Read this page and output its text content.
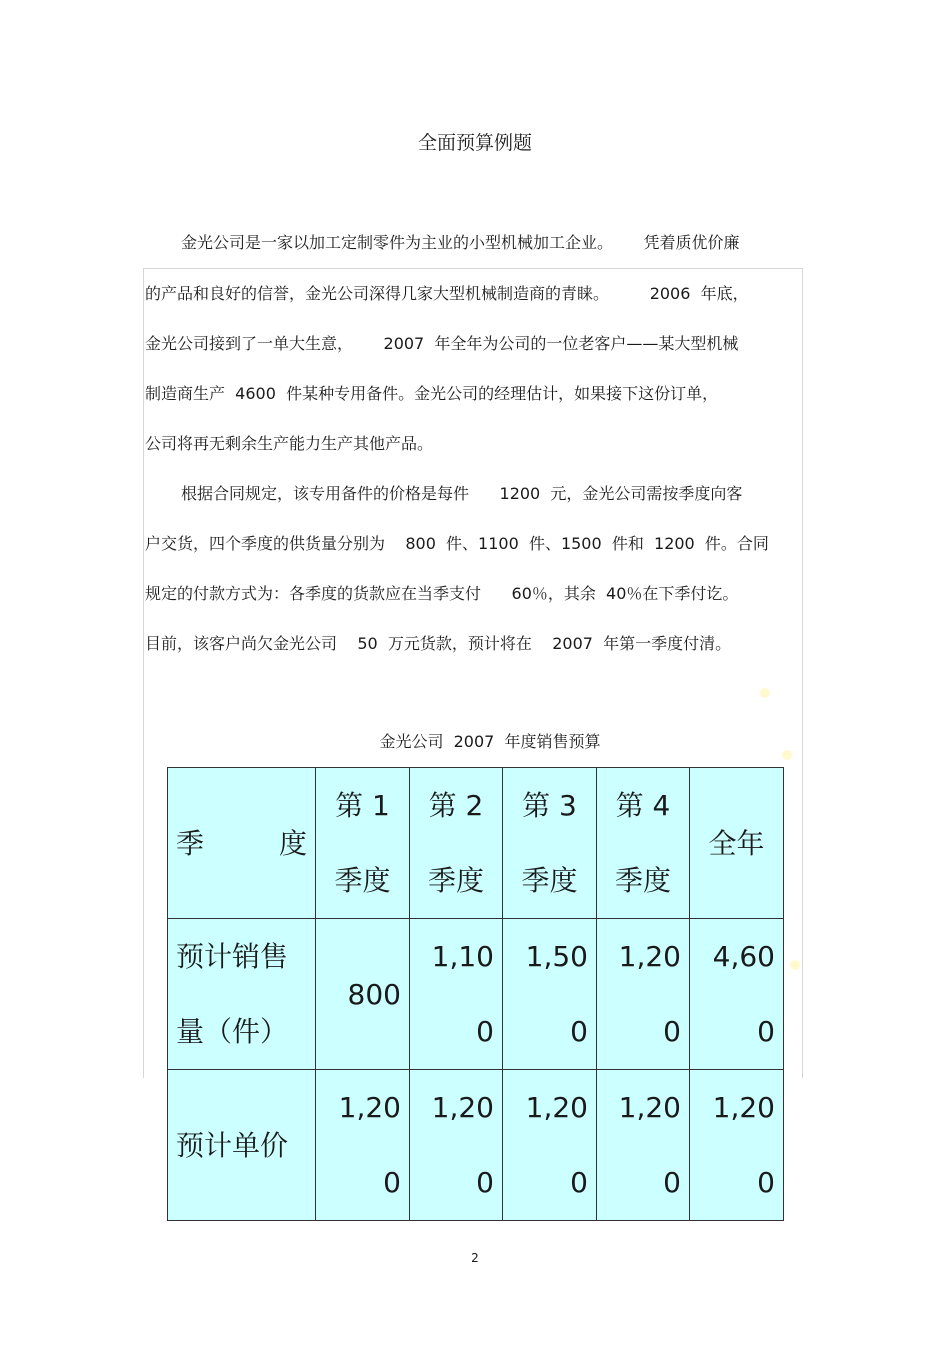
全面预算例题
金光公司是一家以加工定制零件为主业的小型机械加工企业。      凭着质优价廉
的产品和良好的信誉，金光公司深得几家大型机械制造商的青睐。        2006  年底，
金光公司接到了一单大生意，      2007  年全年为公司的一位老客户——某大型机械
制造商生产  4600  件某种专用备件。金光公司的经理估计，如果接下这份订单，
公司将再无剩余生产能力生产其他产品。
根据合同规定，该专用备件的价格是每件      1200  元，金光公司需按季度向客
户交货，四个季度的供货量分别为    800  件、1100  件、1500  件和  1200  件。合同
规定的付款方式为：各季度的货款应在当季支付      60％，其余  40％在下季付讫。
目前，该客户尚欠金光公司    50  万元货款，预计将在    2007  年第一季度付清。
金光公司  2007  年度销售预算
季 度	第 1 季度	第 2 季度	第 3 季度	第 4 季度	全年
预计销售量（件）	800	1,100	1,500	1,200	4,600
预计单价	1,200	1,200	1,200	1,200	1,200
2
